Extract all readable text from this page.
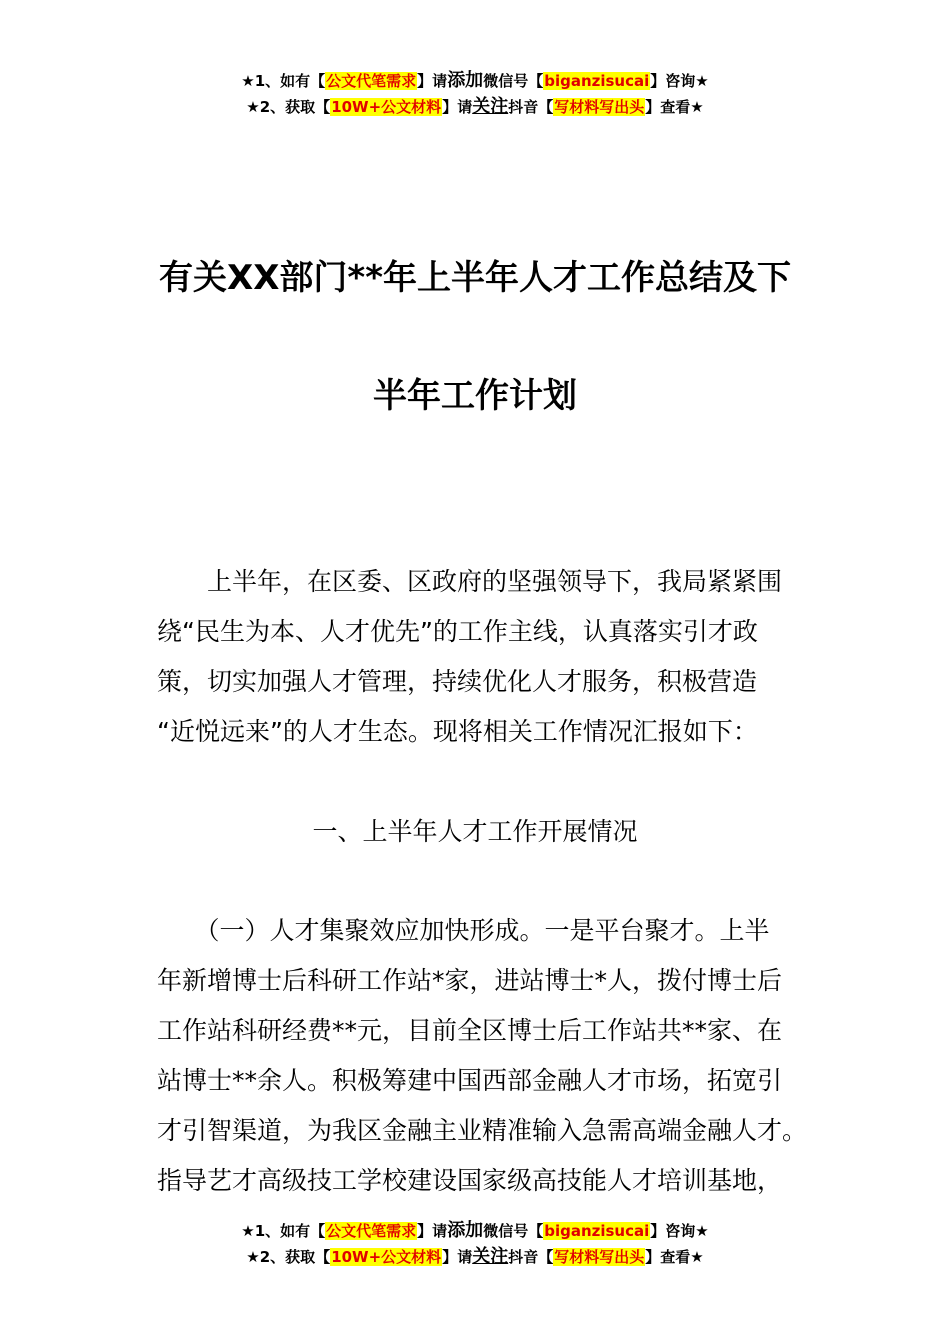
★1、如有【公文代笔需求】请添加微信号【biganzisucai】咨询★
★2、获取【10W+公文材料】请关注抖音【写材料写出头】查看★
有关XX部门**年上半年人才工作总结及下
半年工作计划
　　上半年，在区委、区政府的坚强领导下，我局紧紧围
绕“民生为本、人才优先”的工作主线，认真落实引才政
策，切实加强人才管理，持续优化人才服务，积极营造
“近悦远来”的人才生态。现将相关工作情况汇报如下：
一、上半年人才工作开展情况
　　（一）人才集聚效应加快形成。一是平台聚才。上半
年新增博士后科研工作站*家，进站博士*人，拨付博士后
工作站科研经费**元，目前全区博士后工作站共**家、在
站博士**余人。积极筹建中国西部金融人才市场，拓宽引
才引智渠道，为我区金融主业精准输入急需高端金融人才。
指导艺才高级技工学校建设国家级高技能人才培训基地，
★1、如有【公文代笔需求】请添加微信号【biganzisucai】咨询★
★2、获取【10W+公文材料】请关注抖音【写材料写出头】查看★
